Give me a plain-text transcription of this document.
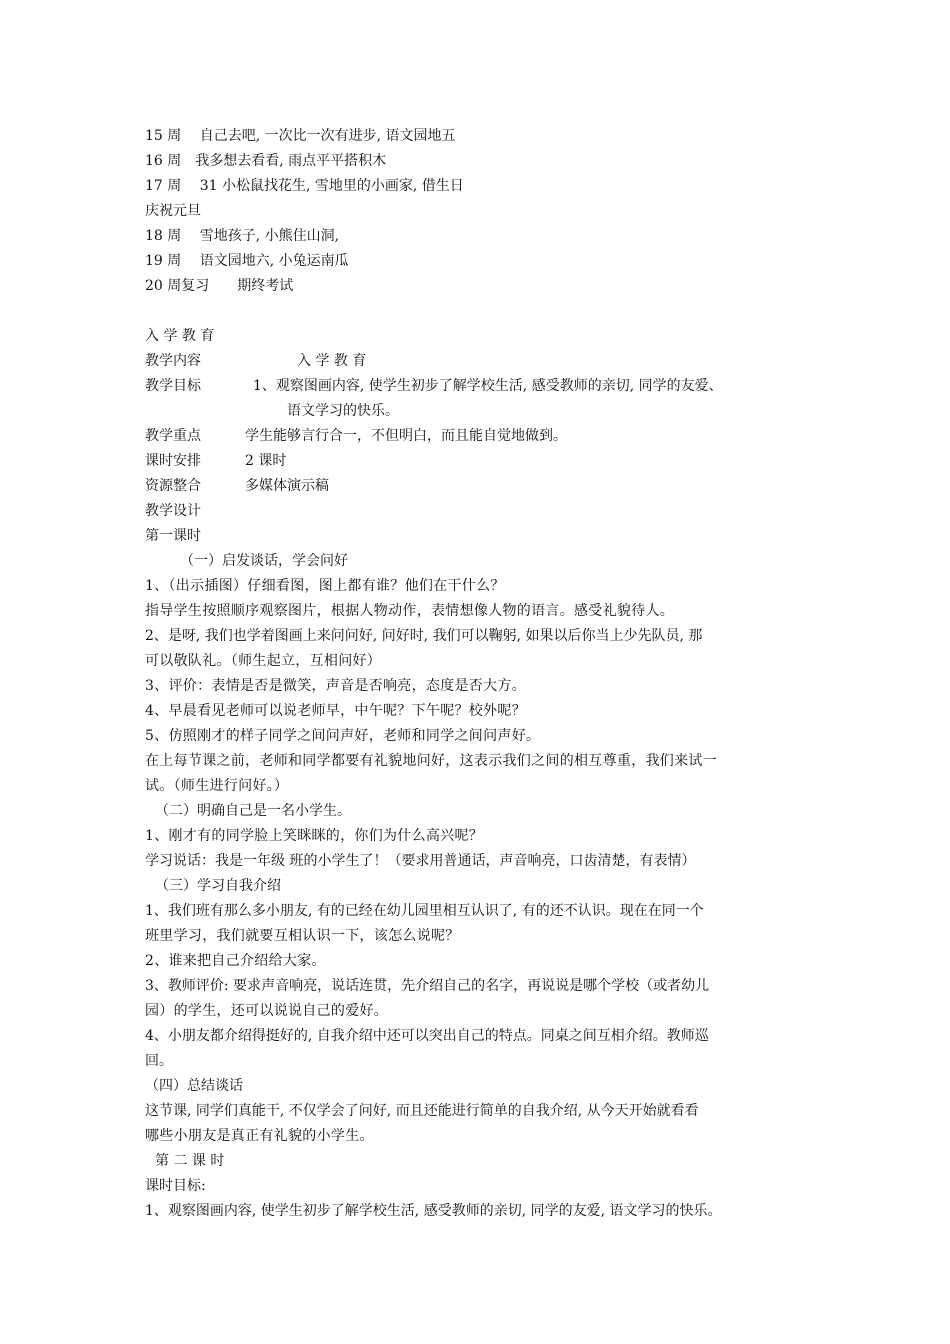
15 周　 自己去吧, 一次比一次有进步, 语文园地五
16 周　我多想去看看, 雨点平平搭积木
17 周　 31 小松鼠找花生, 雪地里的小画家, 借生日
庆祝元旦
18 周　 雪地孩子, 小熊住山洞,
19 周　 语文园地六, 小兔运南瓜
20 周复习　　期终考试
入 学 教 育
教学内容	入 学 教 育
教学目标	1、观察图画内容, 使学生初步了解学校生活, 感受教师的亲切, 同学的友爱、
语文学习的快乐。
教学重点	学生能够言行合一，不但明白，而且能自觉地做到。
课时安排	2 课时
资源整合	多媒体演示稿
教学设计
第一课时
（一）启发谈话，学会问好
1、（出示插图）仔细看图，图上都有谁？他们在干什么？
指导学生按照顺序观察图片，根据人物动作，表情想像人物的语言。感受礼貌待人。
2、是呀, 我们也学着图画上来问问好, 问好时, 我们可以鞠躬, 如果以后你当上少先队员, 那
可以敬队礼。（师生起立，互相问好）
3、评价：表情是否是微笑，声音是否响亮，态度是否大方。
4、早晨看见老师可以说老师早，中午呢？下午呢？校外呢？
5、仿照刚才的样子同学之间问声好，老师和同学之间问声好。
在上每节课之前，老师和同学都要有礼貌地问好，这表示我们之间的相互尊重，我们来试一
试。（师生进行问好。）
（二）明确自己是一名小学生。
1、刚才有的同学脸上笑眯眯的，你们为什么高兴呢？
学习说话：我是一年级 班的小学生了！（要求用普通话，声音响亮，口齿清楚，有表情）
（三）学习自我介绍
1、我们班有那么多小朋友, 有的已经在幼儿园里相互认识了, 有的还不认识。现在在同一个
班里学习，我们就要互相认识一下，该怎么说呢？
2、谁来把自己介绍给大家。
3、教师评价: 要求声音响亮，说话连贯，先介绍自己的名字，再说说是哪个学校（或者幼儿
园）的学生，还可以说说自己的爱好。
4、小朋友都介绍得挺好的, 自我介绍中还可以突出自己的特点。同桌之间互相介绍。教师巡
回。
（四）总结谈话
这节课, 同学们真能干, 不仅学会了问好, 而且还能进行简单的自我介绍, 从今天开始就看看
哪些小朋友是真正有礼貌的小学生。
第 二 课 时
课时目标:
1、观察图画内容, 使学生初步了解学校生活, 感受教师的亲切, 同学的友爱, 语文学习的快乐。
